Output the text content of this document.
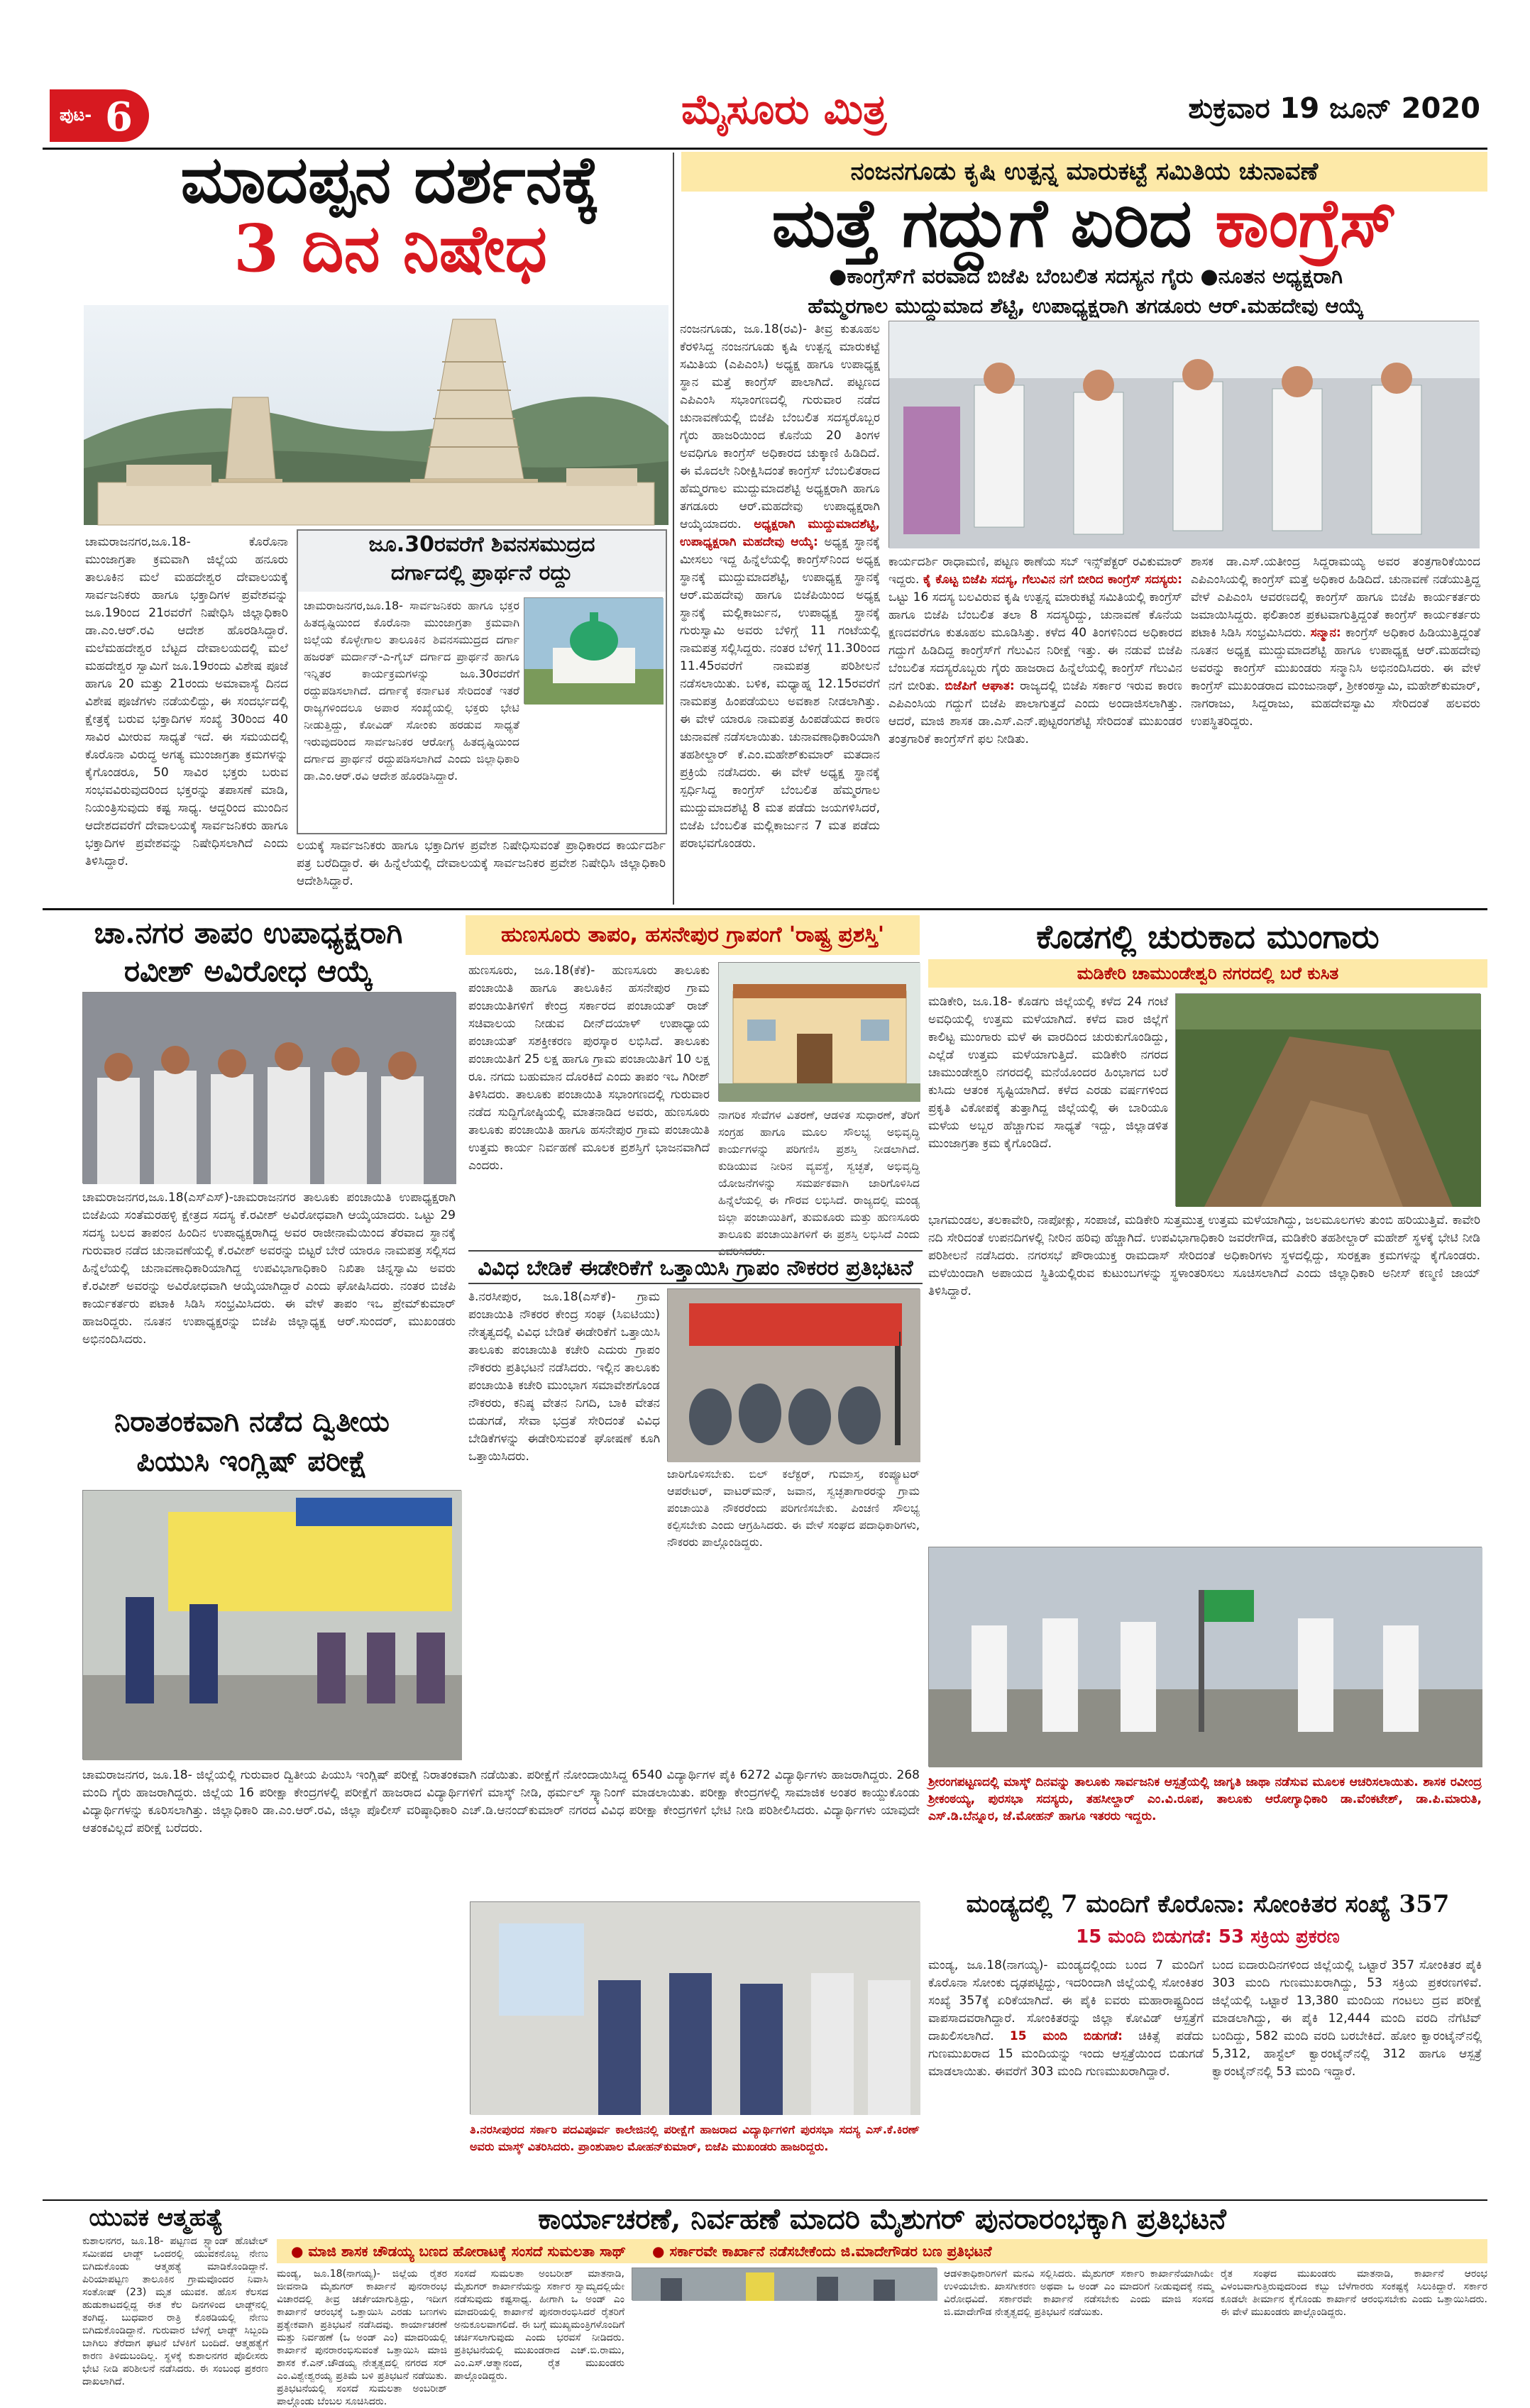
ಪುಟ- 6	ಮೈಸೂರು ಮಿತ್ರ	ಶುಕ್ರವಾರ 19 ಜೂನ್ 2020
ಮಾದಪ್ಪನ ದರ್ಶನಕ್ಕೆ
3 ದಿನ ನಿಷೇಧ
ಚಾಮರಾಜನಗರ,ಜೂ.18- ಕೊರೊನಾ ಮುಂಜಾಗ್ರತಾ ಕ್ರಮವಾಗಿ ಜಿಲ್ಲೆಯ ಹನೂರು ತಾಲೂಕಿನ ಮಲೆ ಮಹದೇಶ್ವರ ದೇವಾಲಯಕ್ಕೆ ಸಾರ್ವಜನಿಕರು ಹಾಗೂ ಭಕ್ತಾದಿಗಳ ಪ್ರವೇಶವನ್ನು ಜೂ.19ರಿಂದ 21ರವರೆಗೆ ನಿಷೇಧಿಸಿ ಜಿಲ್ಲಾಧಿಕಾರಿ ಡಾ.ಎಂ.ಆರ್.ರವಿ ಆದೇಶ ಹೊರಡಿಸಿದ್ದಾರೆ. ಮಲೆಮಹದೇಶ್ವರ ಬೆಟ್ಟದ ದೇವಾಲಯದಲ್ಲಿ ಮಲೆ ಮಹದೇಶ್ವರ ಸ್ವಾಮಿಗೆ ಜೂ.19ರಂದು ವಿಶೇಷ ಪೂಜೆ ಹಾಗೂ 20 ಮತ್ತು 21ರಂದು ಅಮಾವಾಸ್ಯೆ ದಿನದ ವಿಶೇಷ ಪೂಜೆಗಳು ನಡೆಯಲಿದ್ದು, ಈ ಸಂದರ್ಭದಲ್ಲಿ ಕ್ಷೇತ್ರಕ್ಕೆ ಬರುವ ಭಕ್ತಾದಿಗಳ ಸಂಖ್ಯೆ 30ರಿಂದ 40 ಸಾವಿರ ಮೀರುವ ಸಾಧ್ಯತೆ ಇದೆ. ಈ ಸಮಯದಲ್ಲಿ ಕೊರೊನಾ ವಿರುದ್ಧ ಅಗತ್ಯ ಮುಂಜಾಗ್ರತಾ ಕ್ರಮಗಳನ್ನು ಕೈಗೊಂಡರೂ, 50 ಸಾವಿರ ಭಕ್ತರು ಬರುವ ಸಂಭವವಿರುವುದರಿಂದ ಭಕ್ತರನ್ನು ತಪಾಸಣೆ ಮಾಡಿ, ನಿಯಂತ್ರಿಸುವುದು ಕಷ್ಟ ಸಾಧ್ಯ. ಆದ್ದರಿಂದ ಮುಂದಿನ ಆದೇಶದವರೆಗೆ ದೇವಾಲಯಕ್ಕೆ ಸಾರ್ವಜನಿಕರು ಹಾಗೂ ಭಕ್ತಾದಿಗಳ ಪ್ರವೇಶವನ್ನು ನಿಷೇಧಿಸಲಾಗಿದೆ ಎಂದು ತಿಳಿಸಿದ್ದಾರೆ.
ಲಯಕ್ಕೆ ಸಾರ್ವಜನಿಕರು ಹಾಗೂ ಭಕ್ತಾದಿಗಳ ಪ್ರವೇಶ ನಿಷೇಧಿಸುವಂತೆ ಪ್ರಾಧಿಕಾರದ ಕಾರ್ಯದರ್ಶಿ ಪತ್ರ ಬರೆದಿದ್ದಾರೆ. ಈ ಹಿನ್ನೆಲೆಯಲ್ಲಿ ದೇವಾಲಯಕ್ಕೆ ಸಾರ್ವಜನಿಕರ ಪ್ರವೇಶ ನಿಷೇಧಿಸಿ ಜಿಲ್ಲಾಧಿಕಾರಿ ಆದೇಶಿಸಿದ್ದಾರೆ.
ಜೂ.30ರವರೆಗೆ ಶಿವನಸಮುದ್ರದ
ದರ್ಗಾದಲ್ಲಿ ಪ್ರಾರ್ಥನೆ ರದ್ದು
ಚಾಮರಾಜನಗರ,ಜೂ.18- ಸಾರ್ವಜನಿಕರು ಹಾಗೂ ಭಕ್ತರ ಹಿತದೃಷ್ಟಿಯಿಂದ ಕೊರೊನಾ ಮುಂಜಾಗ್ರತಾ ಕ್ರಮವಾಗಿ ಜಿಲ್ಲೆಯ ಕೊಳ್ಳೇಗಾಲ ತಾಲೂಕಿನ ಶಿವನಸಮುದ್ರದ ದರ್ಗಾ ಹಜರತ್ ಮರ್ದಾನ್-ಎ-ಗೈಬ್ ದರ್ಗಾದ ಪ್ರಾರ್ಥನೆ ಹಾಗೂ ಇನ್ನಿತರ ಕಾರ್ಯಕ್ರಮಗಳನ್ನು ಜೂ.30ರವರೆಗೆ ರದ್ದುಪಡಿಸಲಾಗಿದೆ. ದರ್ಗಾಕ್ಕೆ ಕರ್ನಾಟಕ ಸೇರಿದಂತೆ ಇತರೆ ರಾಜ್ಯಗಳಿಂದಲೂ ಅಪಾರ ಸಂಖ್ಯೆಯಲ್ಲಿ ಭಕ್ತರು ಭೇಟಿ ನೀಡುತ್ತಿದ್ದು, ಕೋವಿಡ್ ಸೋಂಕು ಹರಡುವ ಸಾಧ್ಯತೆ ಇರುವುದರಿಂದ ಸಾರ್ವಜನಿಕರ ಆರೋಗ್ಯ ಹಿತದೃಷ್ಟಿಯಿಂದ ದರ್ಗಾದ ಪ್ರಾರ್ಥನೆ ರದ್ದುಪಡಿಸಲಾಗಿದೆ ಎಂದು ಜಿಲ್ಲಾಧಿಕಾರಿ ಡಾ.ಎಂ.ಆರ್.ರವಿ ಆದೇಶ ಹೊರಡಿಸಿದ್ದಾರೆ.
ನಂಜನಗೂಡು ಕೃಷಿ ಉತ್ಪನ್ನ ಮಾರುಕಟ್ಟೆ ಸಮಿತಿಯ ಚುನಾವಣೆ
ಮತ್ತೆ ಗದ್ದುಗೆ ಏರಿದ ಕಾಂಗ್ರೆಸ್
●ಕಾಂಗ್ರೆಸ್‌ಗೆ ವರವಾದ ಬಿಜೆಪಿ ಬೆಂಬಲಿತ ಸದಸ್ಯನ ಗೈರು ●ನೂತನ ಅಧ್ಯಕ್ಷರಾಗಿ
ಹೆಮ್ಮರಗಾಲ ಮುದ್ದುಮಾದ ಶೆಟ್ಟಿ, ಉಪಾಧ್ಯಕ್ಷರಾಗಿ ತಗಡೂರು ಆರ್.ಮಹದೇವು ಆಯ್ಕೆ
ನಂಜನಗೂಡು, ಜೂ.18(ರವಿ)- ತೀವ್ರ ಕುತೂಹಲ ಕೆರಳಿಸಿದ್ದ ನಂಜನಗೂಡು ಕೃಷಿ ಉತ್ಪನ್ನ ಮಾರುಕಟ್ಟೆ ಸಮಿತಿಯ (ಎಪಿಎಂಸಿ) ಅಧ್ಯಕ್ಷ ಹಾಗೂ ಉಪಾಧ್ಯಕ್ಷ ಸ್ಥಾನ ಮತ್ತೆ ಕಾಂಗ್ರೆಸ್ ಪಾಲಾಗಿದೆ. ಪಟ್ಟಣದ ಎಪಿಎಂಸಿ ಸಭಾಂಗಣದಲ್ಲಿ ಗುರುವಾರ ನಡೆದ ಚುನಾವಣೆಯಲ್ಲಿ ಬಿಜೆಪಿ ಬೆಂಬಲಿತ ಸದಸ್ಯರೊಬ್ಬರ ಗೈರು ಹಾಜರಿಯಿಂದ ಕೊನೆಯ 20 ತಿಂಗಳ ಅವಧಿಗೂ ಕಾಂಗ್ರೆಸ್ ಅಧಿಕಾರದ ಚುಕ್ಕಾಣಿ ಹಿಡಿದಿದೆ. ಈ ಮೊದಲೇ ನಿರೀಕ್ಷಿಸಿದಂತೆ ಕಾಂಗ್ರೆಸ್ ಬೆಂಬಲಿತರಾದ ಹೆಮ್ಮರಗಾಲ ಮುದ್ದುಮಾದಶೆಟ್ಟಿ ಅಧ್ಯಕ್ಷರಾಗಿ ಹಾಗೂ ತಗಡೂರು ಆರ್.ಮಹದೇವು ಉಪಾಧ್ಯಕ್ಷರಾಗಿ ಆಯ್ಕೆಯಾದರು. ಅಧ್ಯಕ್ಷರಾಗಿ ಮುದ್ದುಮಾದಶೆಟ್ಟಿ, ಉಪಾಧ್ಯಕ್ಷರಾಗಿ ಮಹದೇವು ಆಯ್ಕೆ: ಅಧ್ಯಕ್ಷ ಸ್ಥಾನಕ್ಕೆ ಮೀಸಲು ಇದ್ದ ಹಿನ್ನೆಲೆಯಲ್ಲಿ ಕಾಂಗ್ರೆಸ್‌ನಿಂದ ಅಧ್ಯಕ್ಷ ಸ್ಥಾನಕ್ಕೆ ಮುದ್ದುಮಾದಶೆಟ್ಟಿ, ಉಪಾಧ್ಯಕ್ಷ ಸ್ಥಾನಕ್ಕೆ ಆರ್.ಮಹದೇವು ಹಾಗೂ ಬಿಜೆಪಿಯಿಂದ ಅಧ್ಯಕ್ಷ ಸ್ಥಾನಕ್ಕೆ ಮಲ್ಲಿಕಾರ್ಜುನ, ಉಪಾಧ್ಯಕ್ಷ ಸ್ಥಾನಕ್ಕೆ ಗುರುಸ್ವಾಮಿ ಅವರು ಬೆಳಿಗ್ಗೆ 11 ಗಂಟೆಯಲ್ಲಿ ನಾಮಪತ್ರ ಸಲ್ಲಿಸಿದ್ದರು. ನಂತರ ಬೆಳಿಗ್ಗೆ 11.30ರಿಂದ 11.45ರವರೆಗೆ ನಾಮಪತ್ರ ಪರಿಶೀಲನೆ ನಡೆಸಲಾಯಿತು. ಬಳಿಕ, ಮಧ್ಯಾಹ್ನ 12.15ರವರೆಗೆ ನಾಮಪತ್ರ ಹಿಂಪಡೆಯಲು ಅವಕಾಶ ನೀಡಲಾಗಿತ್ತು. ಈ ವೇಳೆ ಯಾರೂ ನಾಮಪತ್ರ ಹಿಂಪಡೆಯದ ಕಾರಣ ಚುನಾವಣೆ ನಡೆಸಲಾಯಿತು. ಚುನಾವಣಾಧಿಕಾರಿಯಾಗಿ ತಹಶೀಲ್ದಾರ್ ಕೆ.ಎಂ.ಮಹೇಶ್‌ಕುಮಾರ್ ಮತದಾನ ಪ್ರಕ್ರಿಯೆ ನಡೆಸಿದರು. ಈ ವೇಳೆ ಅಧ್ಯಕ್ಷ ಸ್ಥಾನಕ್ಕೆ ಸ್ಪರ್ಧಿಸಿದ್ದ ಕಾಂಗ್ರೆಸ್ ಬೆಂಬಲಿತ ಹೆಮ್ಮರಗಾಲ ಮುದ್ದುಮಾದಶೆಟ್ಟಿ 8 ಮತ ಪಡೆದು ಜಯಗಳಿಸಿದರೆ, ಬಿಜೆಪಿ ಬೆಂಬಲಿತ ಮಲ್ಲಿಕಾರ್ಜುನ 7 ಮತ ಪಡೆದು ಪರಾಭವಗೊಂಡರು.
ಕಾರ್ಯದರ್ಶಿ ರಾಧಾಮಣಿ, ಪಟ್ಟಣ ಠಾಣೆಯ ಸಬ್ ಇನ್ಸ್‌ಪೆಕ್ಟರ್ ರವಿಕುಮಾರ್ ಇದ್ದರು. ಕೈ ಕೊಟ್ಟ ಬಿಜೆಪಿ ಸದಸ್ಯ, ಗೆಲುವಿನ ನಗೆ ಬೀರಿದ ಕಾಂಗ್ರೆಸ್ ಸದಸ್ಯರು: ಒಟ್ಟು 16 ಸದಸ್ಯ ಬಲವಿರುವ ಕೃಷಿ ಉತ್ಪನ್ನ ಮಾರುಕಟ್ಟೆ ಸಮಿತಿಯಲ್ಲಿ ಕಾಂಗ್ರೆಸ್ ಹಾಗೂ ಬಿಜೆಪಿ ಬೆಂಬಲಿತ ತಲಾ 8 ಸದಸ್ಯರಿದ್ದು, ಚುನಾವಣೆ ಕೊನೆಯ ಕ್ಷಣದವರೆಗೂ ಕುತೂಹಲ ಮೂಡಿಸಿತ್ತು. ಕಳೆದ 40 ತಿಂಗಳಿನಿಂದ ಅಧಿಕಾರದ ಗದ್ದುಗೆ ಹಿಡಿದಿದ್ದ ಕಾಂಗ್ರೆಸ್‌ಗೆ ಗೆಲುವಿನ ನಿರೀಕ್ಷೆ ಇತ್ತು. ಈ ನಡುವೆ ಬಿಜೆಪಿ ಬೆಂಬಲಿತ ಸದಸ್ಯರೊಬ್ಬರು ಗೈರು ಹಾಜರಾದ ಹಿನ್ನೆಲೆಯಲ್ಲಿ ಕಾಂಗ್ರೆಸ್ ಗೆಲುವಿನ ನಗೆ ಬೀರಿತು. ಬಿಜೆಪಿಗೆ ಆಘಾತ: ರಾಜ್ಯದಲ್ಲಿ ಬಿಜೆಪಿ ಸರ್ಕಾರ ಇರುವ ಕಾರಣ ಎಪಿಎಂಸಿಯ ಗದ್ದುಗೆ ಬಿಜೆಪಿ ಪಾಲಾಗುತ್ತದೆ ಎಂದು ಅಂದಾಜಿಸಲಾಗಿತ್ತು. ಆದರೆ, ಮಾಜಿ ಶಾಸಕ ಡಾ.ಎಸ್.ಎನ್.ಪುಟ್ಟರಂಗಶೆಟ್ಟಿ ಸೇರಿದಂತೆ ಮುಖಂಡರ ತಂತ್ರಗಾರಿಕೆ ಕಾಂಗ್ರೆಸ್‌ಗೆ ಫಲ ನೀಡಿತು.
ಶಾಸಕ ಡಾ.ಎಸ್.ಯತೀಂದ್ರ ಸಿದ್ದರಾಮಯ್ಯ ಅವರ ತಂತ್ರಗಾರಿಕೆಯಿಂದ ಎಪಿಎಂಸಿಯಲ್ಲಿ ಕಾಂಗ್ರೆಸ್ ಮತ್ತೆ ಅಧಿಕಾರ ಹಿಡಿದಿದೆ. ಚುನಾವಣೆ ನಡೆಯುತ್ತಿದ್ದ ವೇಳೆ ಎಪಿಎಂಸಿ ಆವರಣದಲ್ಲಿ ಕಾಂಗ್ರೆಸ್ ಹಾಗೂ ಬಿಜೆಪಿ ಕಾರ್ಯಕರ್ತರು ಜಮಾಯಿಸಿದ್ದರು. ಫಲಿತಾಂಶ ಪ್ರಕಟವಾಗುತ್ತಿದ್ದಂತೆ ಕಾಂಗ್ರೆಸ್ ಕಾರ್ಯಕರ್ತರು ಪಟಾಕಿ ಸಿಡಿಸಿ ಸಂಭ್ರಮಿಸಿದರು. ಸನ್ಮಾನ: ಕಾಂಗ್ರೆಸ್ ಅಧಿಕಾರ ಹಿಡಿಯುತ್ತಿದ್ದಂತೆ ನೂತನ ಅಧ್ಯಕ್ಷ ಮುದ್ದುಮಾದಶೆಟ್ಟಿ ಹಾಗೂ ಉಪಾಧ್ಯಕ್ಷ ಆರ್.ಮಹದೇವು ಅವರನ್ನು ಕಾಂಗ್ರೆಸ್ ಮುಖಂಡರು ಸನ್ಮಾನಿಸಿ ಅಭಿನಂದಿಸಿದರು. ಈ ವೇಳೆ ಕಾಂಗ್ರೆಸ್ ಮುಖಂಡರಾದ ಮಂಜುನಾಥ್, ಶ್ರೀಕಂಠಸ್ವಾಮಿ, ಮಹೇಶ್‌ಕುಮಾರ್, ನಾಗರಾಜು, ಸಿದ್ದರಾಜು, ಮಹದೇವಸ್ವಾಮಿ ಸೇರಿದಂತೆ ಹಲವರು ಉಪಸ್ಥಿತರಿದ್ದರು.
ಚಾ.ನಗರ ತಾಪಂ ಉಪಾಧ್ಯಕ್ಷರಾಗಿ
ರವೀಶ್ ಅವಿರೋಧ ಆಯ್ಕೆ
ಚಾಮರಾಜನಗರ,ಜೂ.18(ಎಸ್‌ಎಸ್)-ಚಾಮರಾಜನಗರ ತಾಲೂಕು ಪಂಚಾಯಿತಿ ಉಪಾಧ್ಯಕ್ಷರಾಗಿ ಬಿಜೆಪಿಯ ಸಂತೆಮರಹಳ್ಳಿ ಕ್ಷೇತ್ರದ ಸದಸ್ಯ ಕೆ.ರವೀಶ್ ಅವಿರೋಧವಾಗಿ ಆಯ್ಕೆಯಾದರು. ಒಟ್ಟು 29 ಸದಸ್ಯ ಬಲದ ತಾಪಂನ ಹಿಂದಿನ ಉಪಾಧ್ಯಕ್ಷರಾಗಿದ್ದ ಅವರ ರಾಜೀನಾಮೆಯಿಂದ ತೆರವಾದ ಸ್ಥಾನಕ್ಕೆ ಗುರುವಾರ ನಡೆದ ಚುನಾವಣೆಯಲ್ಲಿ ಕೆ.ರವೀಶ್ ಅವರನ್ನು ಬಿಟ್ಟರೆ ಬೇರೆ ಯಾರೂ ನಾಮಪತ್ರ ಸಲ್ಲಿಸದ ಹಿನ್ನೆಲೆಯಲ್ಲಿ ಚುನಾವಣಾಧಿಕಾರಿಯಾಗಿದ್ದ ಉಪವಿಭಾಗಾಧಿಕಾರಿ ನಿಖಿತಾ ಚಿನ್ನಸ್ವಾಮಿ ಅವರು ಕೆ.ರವೀಶ್ ಅವರನ್ನು ಅವಿರೋಧವಾಗಿ ಆಯ್ಕೆಯಾಗಿದ್ದಾರೆ ಎಂದು ಘೋಷಿಸಿದರು. ನಂತರ ಬಿಜೆಪಿ ಕಾರ್ಯಕರ್ತರು ಪಟಾಕಿ ಸಿಡಿಸಿ ಸಂಭ್ರಮಿಸಿದರು. ಈ ವೇಳೆ ತಾಪಂ ಇಒ ಪ್ರೇಮ್‌ಕುಮಾರ್ ಹಾಜರಿದ್ದರು. ನೂತನ ಉಪಾಧ್ಯಕ್ಷರನ್ನು ಬಿಜೆಪಿ ಜಿಲ್ಲಾಧ್ಯಕ್ಷ ಆರ್.ಸುಂದರ್, ಮುಖಂಡರು ಅಭಿನಂದಿಸಿದರು.
ಹುಣಸೂರು ತಾಪಂ, ಹಸನೇಪುರ ಗ್ರಾಪಂಗೆ 'ರಾಷ್ಟ್ರ ಪ್ರಶಸ್ತಿ'
ಹುಣಸೂರು, ಜೂ.18(ಕೆಕೆ)- ಹುಣಸೂರು ತಾಲೂಕು ಪಂಚಾಯಿತಿ ಹಾಗೂ ತಾಲೂಕಿನ ಹಸನೇಪುರ ಗ್ರಾಮ ಪಂಚಾಯಿತಿಗಳಿಗೆ ಕೇಂದ್ರ ಸರ್ಕಾರದ ಪಂಚಾಯತ್ ರಾಜ್ ಸಚಿವಾಲಯ ನೀಡುವ ದೀನ್‌ದಯಾಳ್ ಉಪಾಧ್ಯಾಯ ಪಂಚಾಯತ್ ಸಶಕ್ತೀಕರಣ ಪುರಸ್ಕಾರ ಲಭಿಸಿದೆ. ತಾಲೂಕು ಪಂಚಾಯಿತಿಗೆ 25 ಲಕ್ಷ ಹಾಗೂ ಗ್ರಾಮ ಪಂಚಾಯಿತಿಗೆ 10 ಲಕ್ಷ ರೂ. ನಗದು ಬಹುಮಾನ ದೊರಕಿದೆ ಎಂದು ತಾಪಂ ಇಒ ಗಿರೀಶ್ ತಿಳಿಸಿದರು. ತಾಲೂಕು ಪಂಚಾಯಿತಿ ಸಭಾಂಗಣದಲ್ಲಿ ಗುರುವಾರ ನಡೆದ ಸುದ್ದಿಗೋಷ್ಠಿಯಲ್ಲಿ ಮಾತನಾಡಿದ ಅವರು, ಹುಣಸೂರು ತಾಲೂಕು ಪಂಚಾಯಿತಿ ಹಾಗೂ ಹಸನೇಪುರ ಗ್ರಾಮ ಪಂಚಾಯಿತಿ ಉತ್ತಮ ಕಾರ್ಯ ನಿರ್ವಹಣೆ ಮೂಲಕ ಪ್ರಶಸ್ತಿಗೆ ಭಾಜನವಾಗಿದೆ ಎಂದರು.
ನಾಗರಿಕ ಸೇವೆಗಳ ವಿತರಣೆ, ಆಡಳಿತ ಸುಧಾರಣೆ, ತೆರಿಗೆ ಸಂಗ್ರಹ ಹಾಗೂ ಮೂಲ ಸೌಲಭ್ಯ ಅಭಿವೃದ್ಧಿ ಕಾರ್ಯಗಳನ್ನು ಪರಿಗಣಿಸಿ ಪ್ರಶಸ್ತಿ ನೀಡಲಾಗಿದೆ. ಕುಡಿಯುವ ನೀರಿನ ವ್ಯವಸ್ಥೆ, ಸ್ವಚ್ಛತೆ, ಅಭಿವೃದ್ಧಿ ಯೋಜನೆಗಳನ್ನು ಸಮರ್ಪಕವಾಗಿ ಜಾರಿಗೊಳಿಸಿದ ಹಿನ್ನೆಲೆಯಲ್ಲಿ ಈ ಗೌರವ ಲಭಿಸಿದೆ. ರಾಜ್ಯದಲ್ಲಿ ಮಂಡ್ಯ ಜಿಲ್ಲಾ ಪಂಚಾಯಿತಿಗೆ, ತುಮಕೂರು ಮತ್ತು ಹುಣಸೂರು ತಾಲೂಕು ಪಂಚಾಯಿತಿಗಳಿಗೆ ಈ ಪ್ರಶಸ್ತಿ ಲಭಿಸಿದೆ ಎಂದು ವಿವರಿಸಿದರು.
ವಿವಿಧ ಬೇಡಿಕೆ ಈಡೇರಿಕೆಗೆ ಒತ್ತಾಯಿಸಿ ಗ್ರಾಪಂ ನೌಕರರ ಪ್ರತಿಭಟನೆ
ತಿ.ನರಸೀಪುರ, ಜೂ.18(ಎಸ್‌ಕೆ)- ಗ್ರಾಮ ಪಂಚಾಯಿತಿ ನೌಕರರ ಕೇಂದ್ರ ಸಂಘ (ಸಿಐಟಿಯು) ನೇತೃತ್ವದಲ್ಲಿ ವಿವಿಧ ಬೇಡಿಕೆ ಈಡೇರಿಕೆಗೆ ಒತ್ತಾಯಿಸಿ ತಾಲೂಕು ಪಂಚಾಯಿತಿ ಕಚೇರಿ ಎದುರು ಗ್ರಾಪಂ ನೌಕರರು ಪ್ರತಿಭಟನೆ ನಡೆಸಿದರು. ಇಲ್ಲಿನ ತಾಲೂಕು ಪಂಚಾಯಿತಿ ಕಚೇರಿ ಮುಂಭಾಗ ಸಮಾವೇಶಗೊಂಡ ನೌಕರರು, ಕನಿಷ್ಠ ವೇತನ ನಿಗದಿ, ಬಾಕಿ ವೇತನ ಬಿಡುಗಡೆ, ಸೇವಾ ಭದ್ರತೆ ಸೇರಿದಂತೆ ವಿವಿಧ ಬೇಡಿಕೆಗಳನ್ನು ಈಡೇರಿಸುವಂತೆ ಘೋಷಣೆ ಕೂಗಿ ಒತ್ತಾಯಿಸಿದರು.
ಜಾರಿಗೊಳಿಸಬೇಕು. ಬಿಲ್ ಕಲೆಕ್ಟರ್, ಗುಮಾಸ್ತ, ಕಂಪ್ಯೂಟರ್ ಆಪರೇಟರ್, ವಾಟರ್‌ಮನ್, ಜವಾನ, ಸ್ವಚ್ಛತಾಗಾರರನ್ನು ಗ್ರಾಮ ಪಂಚಾಯಿತಿ ನೌಕರರೆಂದು ಪರಿಗಣಿಸಬೇಕು. ಪಿಂಚಣಿ ಸೌಲಭ್ಯ ಕಲ್ಪಿಸಬೇಕು ಎಂದು ಆಗ್ರಹಿಸಿದರು. ಈ ವೇಳೆ ಸಂಘದ ಪದಾಧಿಕಾರಿಗಳು, ನೌಕರರು ಪಾಲ್ಗೊಂಡಿದ್ದರು.
ಕೊಡಗಲ್ಲಿ ಚುರುಕಾದ ಮುಂಗಾರು
ಮಡಿಕೇರಿ ಚಾಮುಂಡೇಶ್ವರಿ ನಗರದಲ್ಲಿ ಬರೆ ಕುಸಿತ
ಮಡಿಕೇರಿ, ಜೂ.18- ಕೊಡಗು ಜಿಲ್ಲೆಯಲ್ಲಿ ಕಳೆದ 24 ಗಂಟೆ ಅವಧಿಯಲ್ಲಿ ಉತ್ತಮ ಮಳೆಯಾಗಿದೆ. ಕಳೆದ ವಾರ ಜಿಲ್ಲೆಗೆ ಕಾಲಿಟ್ಟ ಮುಂಗಾರು ಮಳೆ ಈ ವಾರದಿಂದ ಚುರುಕುಗೊಂಡಿದ್ದು, ಎಲ್ಲೆಡೆ ಉತ್ತಮ ಮಳೆಯಾಗುತ್ತಿದೆ. ಮಡಿಕೇರಿ ನಗರದ ಚಾಮುಂಡೇಶ್ವರಿ ನಗರದಲ್ಲಿ ಮನೆಯೊಂದರ ಹಿಂಭಾಗದ ಬರೆ ಕುಸಿದು ಆತಂಕ ಸೃಷ್ಟಿಯಾಗಿದೆ. ಕಳೆದ ಎರಡು ವರ್ಷಗಳಿಂದ ಪ್ರಕೃತಿ ವಿಕೋಪಕ್ಕೆ ತುತ್ತಾಗಿದ್ದ ಜಿಲ್ಲೆಯಲ್ಲಿ ಈ ಬಾರಿಯೂ ಮಳೆಯ ಅಬ್ಬರ ಹೆಚ್ಚಾಗುವ ಸಾಧ್ಯತೆ ಇದ್ದು, ಜಿಲ್ಲಾಡಳಿತ ಮುಂಜಾಗ್ರತಾ ಕ್ರಮ ಕೈಗೊಂಡಿದೆ.
ಭಾಗಮಂಡಲ, ತಲಕಾವೇರಿ, ನಾಪೋಕ್ಲು, ಸಂಪಾಜೆ, ಮಡಿಕೇರಿ ಸುತ್ತಮುತ್ತ ಉತ್ತಮ ಮಳೆಯಾಗಿದ್ದು, ಜಲಮೂಲಗಳು ತುಂಬಿ ಹರಿಯುತ್ತಿವೆ. ಕಾವೇರಿ ನದಿ ಸೇರಿದಂತೆ ಉಪನದಿಗಳಲ್ಲಿ ನೀರಿನ ಹರಿವು ಹೆಚ್ಚಾಗಿದೆ. ಉಪವಿಭಾಗಾಧಿಕಾರಿ ಜವರೇಗೌಡ, ಮಡಿಕೇರಿ ತಹಶೀಲ್ದಾರ್ ಮಹೇಶ್ ಸ್ಥಳಕ್ಕೆ ಭೇಟಿ ನೀಡಿ ಪರಿಶೀಲನೆ ನಡೆಸಿದರು. ನಗರಸಭೆ ಪೌರಾಯುಕ್ತ ರಾಮದಾಸ್ ಸೇರಿದಂತೆ ಅಧಿಕಾರಿಗಳು ಸ್ಥಳದಲ್ಲಿದ್ದು, ಸುರಕ್ಷತಾ ಕ್ರಮಗಳನ್ನು ಕೈಗೊಂಡರು. ಮಳೆಯಿಂದಾಗಿ ಅಪಾಯದ ಸ್ಥಿತಿಯಲ್ಲಿರುವ ಕುಟುಂಬಗಳನ್ನು ಸ್ಥಳಾಂತರಿಸಲು ಸೂಚಿಸಲಾಗಿದೆ ಎಂದು ಜಿಲ್ಲಾಧಿಕಾರಿ ಅನೀಸ್ ಕಣ್ಮಣಿ ಜಾಯ್ ತಿಳಿಸಿದ್ದಾರೆ.
ಶ್ರೀರಂಗಪಟ್ಟಣದಲ್ಲಿ ಮಾಸ್ಕ್ ದಿನವನ್ನು ತಾಲೂಕು ಸಾರ್ವಜನಿಕ ಆಸ್ಪತ್ರೆಯಲ್ಲಿ ಜಾಗೃತಿ ಜಾಥಾ ನಡೆಸುವ ಮೂಲಕ ಆಚರಿಸಲಾಯಿತು. ಶಾಸಕ ರವೀಂದ್ರ ಶ್ರೀಕಂಠಯ್ಯ, ಪುರಸಭಾ ಸದಸ್ಯರು, ತಹಸೀಲ್ದಾರ್ ಎಂ.ವಿ.ರೂಪ, ತಾಲೂಕು ಆರೋಗ್ಯಾಧಿಕಾರಿ ಡಾ.ವೆಂಕಟೇಶ್, ಡಾ.ಪಿ.ಮಾರುತಿ, ಎಸ್.ಡಿ.ಬೆನ್ನೂರ, ಜೆ.ಮೋಹನ್ ಹಾಗೂ ಇತರರು ಇದ್ದರು.
ನಿರಾತಂಕವಾಗಿ ನಡೆದ ದ್ವಿತೀಯ
ಪಿಯುಸಿ ಇಂಗ್ಲಿಷ್ ಪರೀಕ್ಷೆ
ಚಾಮರಾಜನಗರ, ಜೂ.18- ಜಿಲ್ಲೆಯಲ್ಲಿ ಗುರುವಾರ ದ್ವಿತೀಯ ಪಿಯುಸಿ ಇಂಗ್ಲಿಷ್ ಪರೀಕ್ಷೆ ನಿರಾತಂಕವಾಗಿ ನಡೆಯಿತು. ಪರೀಕ್ಷೆಗೆ ನೋಂದಾಯಿಸಿದ್ದ 6540 ವಿದ್ಯಾರ್ಥಿಗಳ ಪೈಕಿ 6272 ವಿದ್ಯಾರ್ಥಿಗಳು ಹಾಜರಾಗಿದ್ದರು. 268 ಮಂದಿ ಗೈರು ಹಾಜರಾಗಿದ್ದರು. ಜಿಲ್ಲೆಯ 16 ಪರೀಕ್ಷಾ ಕೇಂದ್ರಗಳಲ್ಲಿ ಪರೀಕ್ಷೆಗೆ ಹಾಜರಾದ ವಿದ್ಯಾರ್ಥಿಗಳಿಗೆ ಮಾಸ್ಕ್ ನೀಡಿ, ಥರ್ಮಲ್ ಸ್ಕ್ಯಾನಿಂಗ್ ಮಾಡಲಾಯಿತು. ಪರೀಕ್ಷಾ ಕೇಂದ್ರಗಳಲ್ಲಿ ಸಾಮಾಜಿಕ ಅಂತರ ಕಾಯ್ದುಕೊಂಡು ವಿದ್ಯಾರ್ಥಿಗಳನ್ನು ಕೂರಿಸಲಾಗಿತ್ತು. ಜಿಲ್ಲಾಧಿಕಾರಿ ಡಾ.ಎಂ.ಆರ್.ರವಿ, ಜಿಲ್ಲಾ ಪೊಲೀಸ್ ವರಿಷ್ಠಾಧಿಕಾರಿ ಎಚ್.ಡಿ.ಆನಂದ್‌ಕುಮಾರ್ ನಗರದ ವಿವಿಧ ಪರೀಕ್ಷಾ ಕೇಂದ್ರಗಳಿಗೆ ಭೇಟಿ ನೀಡಿ ಪರಿಶೀಲಿಸಿದರು. ವಿದ್ಯಾರ್ಥಿಗಳು ಯಾವುದೇ ಆತಂಕವಿಲ್ಲದೆ ಪರೀಕ್ಷೆ ಬರೆದರು.
ತಿ.ನರಸೀಪುರದ ಸರ್ಕಾರಿ ಪದವಿಪೂರ್ವ ಕಾಲೇಜಿನಲ್ಲಿ ಪರೀಕ್ಷೆಗೆ ಹಾಜರಾದ ವಿದ್ಯಾರ್ಥಿಗಳಿಗೆ ಪುರಸಭಾ ಸದಸ್ಯ ಎಸ್.ಕೆ.ಕಿರಣ್ ಅವರು ಮಾಸ್ಕ್ ವಿತರಿಸಿದರು. ಪ್ರಾಂಶುಪಾಲ ಮೋಹನ್‌ಕುಮಾರ್, ಬಿಜೆಪಿ ಮುಖಂಡರು ಹಾಜರಿದ್ದರು.
ಮಂಡ್ಯದಲ್ಲಿ 7 ಮಂದಿಗೆ ಕೊರೊನಾ: ಸೋಂಕಿತರ ಸಂಖ್ಯೆ 357
15 ಮಂದಿ ಬಿಡುಗಡೆ: 53 ಸಕ್ರಿಯ ಪ್ರಕರಣ
ಮಂಡ್ಯ, ಜೂ.18(ನಾಗಯ್ಯ)- ಮಂಡ್ಯದಲ್ಲಿಂದು ಬಂದ 7 ಮಂದಿಗೆ ಕೊರೊನಾ ಸೋಂಕು ದೃಢಪಟ್ಟಿದ್ದು, ಇದರಿಂದಾಗಿ ಜಿಲ್ಲೆಯಲ್ಲಿ ಸೋಂಕಿತರ ಸಂಖ್ಯೆ 357ಕ್ಕೆ ಏರಿಕೆಯಾಗಿದೆ. ಈ ಪೈಕಿ ಐವರು ಮಹಾರಾಷ್ಟ್ರದಿಂದ ವಾಪಸಾದವರಾಗಿದ್ದಾರೆ. ಸೋಂಕಿತರನ್ನು ಜಿಲ್ಲಾ ಕೋವಿಡ್ ಆಸ್ಪತ್ರೆಗೆ ದಾಖಲಿಸಲಾಗಿದೆ. 15 ಮಂದಿ ಬಿಡುಗಡೆ: ಚಿಕಿತ್ಸೆ ಪಡೆದು ಗುಣಮುಖರಾದ 15 ಮಂದಿಯನ್ನು ಇಂದು ಆಸ್ಪತ್ರೆಯಿಂದ ಬಿಡುಗಡೆ ಮಾಡಲಾಯಿತು. ಈವರೆಗೆ 303 ಮಂದಿ ಗುಣಮುಖರಾಗಿದ್ದಾರೆ.
ಬಂದ ಐದಾರುದಿನಗಳಿಂದ ಜಿಲ್ಲೆಯಲ್ಲಿ ಒಟ್ಟಾರೆ 357 ಸೋಂಕಿತರ ಪೈಕಿ 303 ಮಂದಿ ಗುಣಮುಖರಾಗಿದ್ದು, 53 ಸಕ್ರಿಯ ಪ್ರಕರಣಗಳಿವೆ. ಜಿಲ್ಲೆಯಲ್ಲಿ ಒಟ್ಟಾರೆ 13,380 ಮಂದಿಯ ಗಂಟಲು ದ್ರವ ಪರೀಕ್ಷೆ ಮಾಡಲಾಗಿದ್ದು, ಈ ಪೈಕಿ 12,444 ಮಂದಿ ವರದಿ ನೆಗೆಟಿವ್ ಬಂದಿದ್ದು, 582 ಮಂದಿ ವರದಿ ಬರಬೇಕಿದೆ. ಹೋಂ ಕ್ವಾರಂಟೈನ್‌ನಲ್ಲಿ 5,312, ಹಾಸ್ಟೆಲ್ ಕ್ವಾರಂಟೈನ್‌ನಲ್ಲಿ 312 ಹಾಗೂ ಆಸ್ಪತ್ರೆ ಕ್ವಾರಂಟೈನ್‌ನಲ್ಲಿ 53 ಮಂದಿ ಇದ್ದಾರೆ.
ಯುವಕ ಆತ್ಮಹತ್ಯೆ
ಕುಶಾಲನಗರ, ಜೂ.18- ಪಟ್ಟಣದ ಸ್ಟ್ಯಾಂಡ್ ಹೊಟೇಲ್ ಸಮೀಪದ ಲಾಡ್ಜ್ ಒಂದರಲ್ಲಿ ಯುವಕನೊಬ್ಬ ನೇಣು ಬಿಗಿದುಕೊಂಡು ಆತ್ಮಹತ್ಯೆ ಮಾಡಿಕೊಂಡಿದ್ದಾನೆ. ಪಿರಿಯಾಪಟ್ಟಣ ತಾಲೂಕಿನ ಗ್ರಾಮವೊಂದರ ನಿವಾಸಿ ಸಂತೋಷ್ (23) ಮೃತ ಯುವಕ. ಹೊಸ ಕೆಲಸದ ಹುಡುಕಾಟದಲ್ಲಿದ್ದ ಈತ ಕೆಲ ದಿನಗಳಿಂದ ಲಾಡ್ಜ್‌ನಲ್ಲಿ ತಂಗಿದ್ದ. ಬುಧವಾರ ರಾತ್ರಿ ಕೊಠಡಿಯಲ್ಲಿ ನೇಣು ಬಿಗಿದುಕೊಂಡಿದ್ದಾನೆ. ಗುರುವಾರ ಬೆಳಿಗ್ಗೆ ಲಾಡ್ಜ್ ಸಿಬ್ಬಂದಿ ಬಾಗಿಲು ತೆರೆದಾಗ ಘಟನೆ ಬೆಳಕಿಗೆ ಬಂದಿದೆ. ಆತ್ಮಹತ್ಯೆಗೆ ಕಾರಣ ತಿಳಿದುಬಂದಿಲ್ಲ. ಸ್ಥಳಕ್ಕೆ ಕುಶಾಲನಗರ ಪೊಲೀಸರು ಭೇಟಿ ನೀಡಿ ಪರಿಶೀಲನೆ ನಡೆಸಿದರು. ಈ ಸಂಬಂಧ ಪ್ರಕರಣ ದಾಖಲಾಗಿದೆ.
ಕಾರ್ಯಾಚರಣೆ, ನಿರ್ವಹಣೆ ಮಾದರಿ ಮೈಶುಗರ್ ಪುನರಾರಂಭಕ್ಕಾಗಿ ಪ್ರತಿಭಟನೆ
● ಮಾಜಿ ಶಾಸಕ ಚೌಡಯ್ಯ ಬಣದ ಹೋರಾಟಕ್ಕೆ ಸಂಸದೆ ಸುಮಲತಾ ಸಾಥ್ ● ಸರ್ಕಾರವೇ ಕಾರ್ಖಾನೆ ನಡೆಸಬೇಕೆಂದು ಜಿ.ಮಾದೇಗೌಡರ ಬಣ ಪ್ರತಿಭಟನೆ
ಮಂಡ್ಯ, ಜೂ.18(ನಾಗಯ್ಯ)- ಜಿಲ್ಲೆಯ ರೈತರ ಜೀವನಾಡಿ ಮೈಶುಗರ್ ಕಾರ್ಖಾನೆ ಪುನರಾರಂಭ ವಿಚಾರದಲ್ಲಿ ತೀವ್ರ ಚರ್ಚೆಯಾಗುತ್ತಿದ್ದು, ಇದೀಗ ಕಾರ್ಖಾನೆ ಆರಂಭಕ್ಕೆ ಒತ್ತಾಯಿಸಿ ಎರಡು ಬಣಗಳು ಪ್ರತ್ಯೇಕವಾಗಿ ಪ್ರತಿಭಟನೆ ನಡೆಸಿದವು. ಕಾರ್ಯಾಚರಣೆ ಮತ್ತು ನಿರ್ವಹಣೆ (ಒ ಅಂಡ್ ಎಂ) ಮಾದರಿಯಲ್ಲಿ ಕಾರ್ಖಾನೆ ಪುನರಾರಂಭಿಸುವಂತೆ ಒತ್ತಾಯಿಸಿ ಮಾಜಿ ಶಾಸಕ ಕೆ.ಎನ್.ಚೌಡಯ್ಯ ನೇತೃತ್ವದಲ್ಲಿ ನಗರದ ಸರ್ ಎಂ.ವಿಶ್ವೇಶ್ವರಯ್ಯ ಪ್ರತಿಮೆ ಬಳಿ ಪ್ರತಿಭಟನೆ ನಡೆಯಿತು. ಪ್ರತಿಭಟನೆಯಲ್ಲಿ ಸಂಸದೆ ಸುಮಲತಾ ಅಂಬರೀಶ್ ಪಾಲ್ಗೊಂಡು ಬೆಂಬಲ ಸೂಚಿಸಿದರು.
ಸಂಸದೆ ಸುಮಲತಾ ಅಂಬರೀಶ್ ಮಾತನಾಡಿ, ಮೈಶುಗರ್ ಕಾರ್ಖಾನೆಯನ್ನು ಸರ್ಕಾರ ಸ್ವಾಮ್ಯದಲ್ಲಿಯೇ ನಡೆಸುವುದು ಕಷ್ಟಸಾಧ್ಯ. ಹೀಗಾಗಿ ಒ ಅಂಡ್ ಎಂ ಮಾದರಿಯಲ್ಲಿ ಕಾರ್ಖಾನೆ ಪುನರಾರಂಭಿಸಿದರೆ ರೈತರಿಗೆ ಅನುಕೂಲವಾಗಲಿದೆ. ಈ ಬಗ್ಗೆ ಮುಖ್ಯಮಂತ್ರಿಗಳೊಂದಿಗೆ ಚರ್ಚಿಸಲಾಗುವುದು ಎಂದು ಭರವಸೆ ನೀಡಿದರು. ಪ್ರತಿಭಟನೆಯಲ್ಲಿ ಮುಖಂಡರಾದ ಎಚ್.ಬಿ.ರಾಮು, ಎಂ.ಎಸ್.ಆತ್ಮಾನಂದ, ರೈತ ಮುಖಂಡರು ಪಾಲ್ಗೊಂಡಿದ್ದರು.
ಆಡಳಿತಾಧಿಕಾರಿಗಳಿಗೆ ಮನವಿ ಸಲ್ಲಿಸಿದರು. ಮೈಶುಗರ್ ಸರ್ಕಾರಿ ಕಾರ್ಖಾನೆಯಾಗಿಯೇ ಉಳಿಯಬೇಕು. ಖಾಸಗೀಕರಣ ಅಥವಾ ಒ ಅಂಡ್ ಎಂ ಮಾದರಿಗೆ ನೀಡುವುದಕ್ಕೆ ನಮ್ಮ ವಿರೋಧವಿದೆ. ಸರ್ಕಾರವೇ ಕಾರ್ಖಾನೆ ನಡೆಸಬೇಕು ಎಂದು ಮಾಜಿ ಸಂಸದ ಜಿ.ಮಾದೇಗೌಡ ನೇತೃತ್ವದಲ್ಲಿ ಪ್ರತಿಭಟನೆ ನಡೆಯಿತು.
ರೈತ ಸಂಘದ ಮುಖಂಡರು ಮಾತನಾಡಿ, ಕಾರ್ಖಾನೆ ಆರಂಭ ವಿಳಂಬವಾಗುತ್ತಿರುವುದರಿಂದ ಕಬ್ಬು ಬೆಳೆಗಾರರು ಸಂಕಷ್ಟಕ್ಕೆ ಸಿಲುಕಿದ್ದಾರೆ. ಸರ್ಕಾರ ಕೂಡಲೇ ತೀರ್ಮಾನ ಕೈಗೊಂಡು ಕಾರ್ಖಾನೆ ಆರಂಭಿಸಬೇಕು ಎಂದು ಒತ್ತಾಯಿಸಿದರು. ಈ ವೇಳೆ ಮುಖಂಡರು ಪಾಲ್ಗೊಂಡಿದ್ದರು.
